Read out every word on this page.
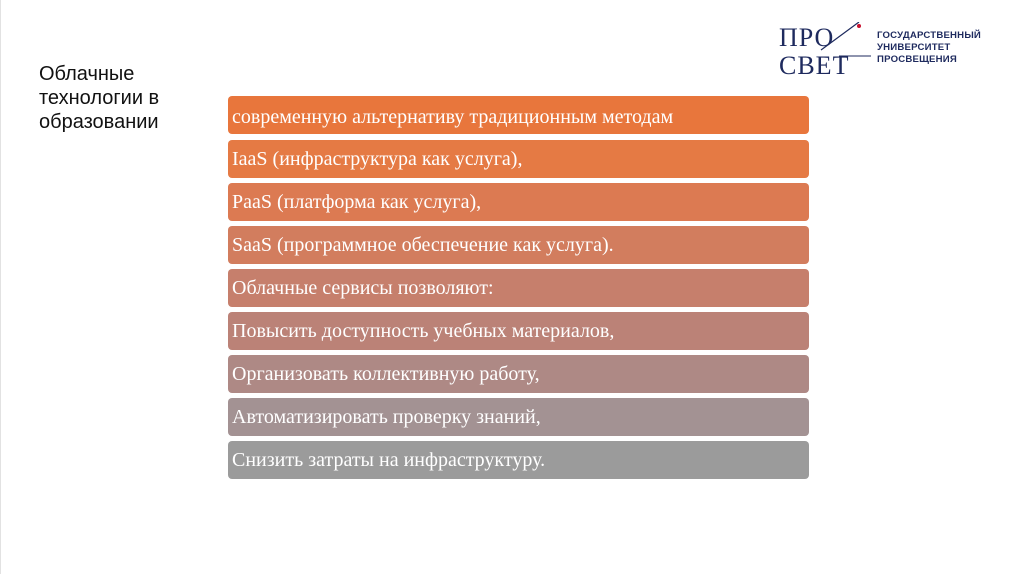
Облачные
технологии в
образовании
ПРО
СВЕТ
ГОСУДАРСТВЕННЫЙ
УНИВЕРСИТЕТ
ПРОСВЕЩЕНИЯ
современную альтернативу традиционным методам
IaaS (инфраструктура как услуга),
PaaS (платформа как услуга),
SaaS (программное обеспечение как услуга).
Облачные сервисы позволяют:
Повысить доступность учебных материалов,
Организовать коллективную работу,
Автоматизировать проверку знаний,
Снизить затраты на инфраструктуру.
